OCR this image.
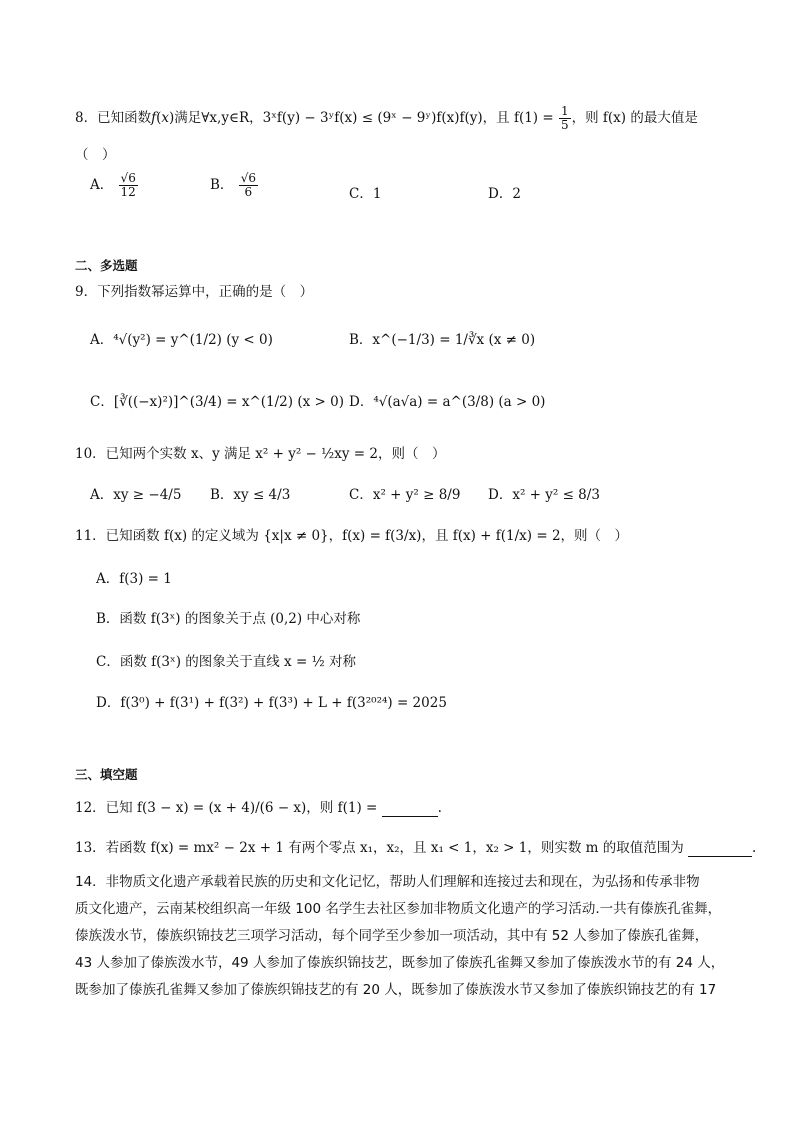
8．已知函数f(x)满足∀x,y∈R，3ˣf(y) − 3ʸf(x) ≤ (9ˣ − 9ʸ)f(x)f(y)，且 $f(1) = \frac{1}{5}$ ，则 f(x) 的最大值是
（　）
A． $\frac{√6}{12}$	B． $\frac{√6}{6}$	C．1	D．2
二、多选题
9．下列指数幂运算中，正确的是（　）
A．⁴√(y²) = y^(1/2) (y < 0)	B．x^(−1/3) = 1/∛x (x ≠ 0)
C．[∛((−x)²)]^(3/4) = x^(1/2) (x > 0) D．⁴√(a√a) = a^(3/8) (a > 0)
10．已知两个实数 x、y 满足 x² + y² − ½xy = 2，则（　）
A．xy ≥ −4/5 B．xy ≤ 4/3	C．x² + y² ≥ 8/9 D．x² + y² ≤ 8/3
11．已知函数 f(x) 的定义域为 {x|x ≠ 0}，f(x) = f(3/x)，且 f(x) + f(1/x) = 2，则（　）
A．f(3) = 1
B．函数 f(3ˣ) 的图象关于点 (0,2) 中心对称
C．函数 f(3ˣ) 的图象关于直线 x = ½ 对称
D．f(3⁰) + f(3¹) + f(3²) + f(3³) + L + f(3²⁰²⁴) = 2025
三、填空题
12．已知 f(3 − x) = (x + 4)/(6 − x)，则 f(1) =	.
13．若函数 f(x) = mx² − 2x + 1 有两个零点 x₁，x₂，且 x₁ < 1，x₂ > 1，则实数 m 的取值范围为	.
14．非物质文化遗产承载着民族的历史和文化记忆，帮助人们理解和连接过去和现在，为弘扬和传承非物
质文化遗产，云南某校组织高一年级 100 名学生去社区参加非物质文化遗产的学习活动.一共有傣族孔雀舞，
傣族泼水节，傣族织锦技艺三项学习活动，每个同学至少参加一项活动，其中有 52 人参加了傣族孔雀舞，
43 人参加了傣族泼水节，49 人参加了傣族织锦技艺，既参加了傣族孔雀舞又参加了傣族泼水节的有 24 人，
既参加了傣族孔雀舞又参加了傣族织锦技艺的有 20 人，既参加了傣族泼水节又参加了傣族织锦技艺的有 17
